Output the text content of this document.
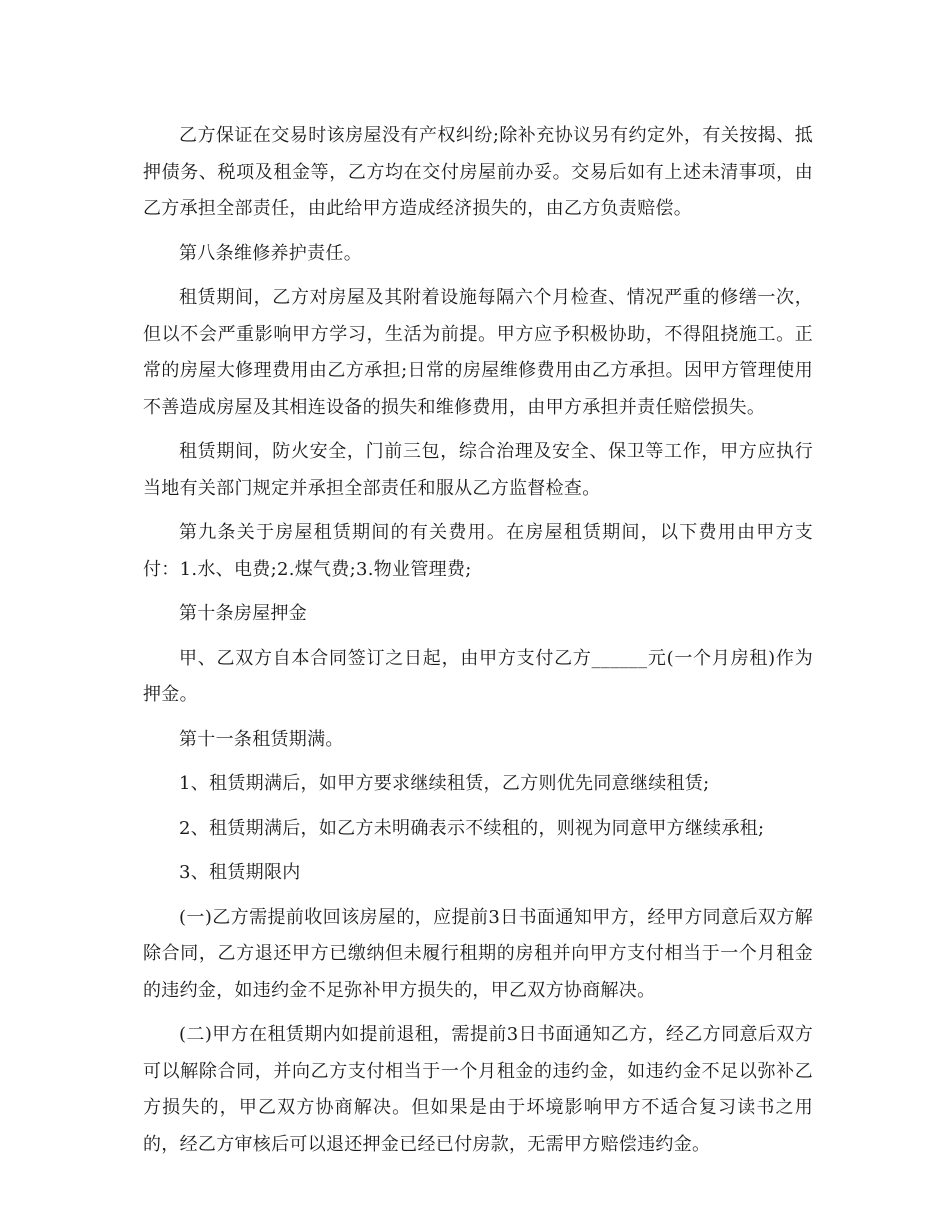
乙方保证在交易时该房屋没有产权纠纷;除补充协议另有约定外，有关按揭、抵押债务、税项及租金等，乙方均在交付房屋前办妥。交易后如有上述未清事项，由乙方承担全部责任，由此给甲方造成经济损失的，由乙方负责赔偿。

第八条维修养护责任。

租赁期间，乙方对房屋及其附着设施每隔六个月检查、情况严重的修缮一次，但以不会严重影响甲方学习，生活为前提。甲方应予积极协助，不得阻挠施工。正常的房屋大修理费用由乙方承担;日常的房屋维修费用由乙方承担。因甲方管理使用不善造成房屋及其相连设备的损失和维修费用，由甲方承担并责任赔偿损失。

租赁期间，防火安全，门前三包，综合治理及安全、保卫等工作，甲方应执行当地有关部门规定并承担全部责任和服从乙方监督检查。

第九条关于房屋租赁期间的有关费用。在房屋租赁期间，以下费用由甲方支付：1.水、电费;2.煤气费;3.物业管理费;

第十条房屋押金

甲、乙双方自本合同签订之日起，由甲方支付乙方______元(一个月房租)作为押金。

第十一条租赁期满。

1、租赁期满后，如甲方要求继续租赁，乙方则优先同意继续租赁;

2、租赁期满后，如乙方未明确表示不续租的，则视为同意甲方继续承租;

3、租赁期限内

(一)乙方需提前收回该房屋的，应提前3日书面通知甲方，经甲方同意后双方解除合同，乙方退还甲方已缴纳但未履行租期的房租并向甲方支付相当于一个月租金的违约金，如违约金不足弥补甲方损失的，甲乙双方协商解决。

(二)甲方在租赁期内如提前退租，需提前3日书面通知乙方，经乙方同意后双方可以解除合同，并向乙方支付相当于一个月租金的违约金，如违约金不足以弥补乙方损失的，甲乙双方协商解决。但如果是由于坏境影响甲方不适合复习读书之用的，经乙方审核后可以退还押金已经已付房款，无需甲方赔偿违约金。
